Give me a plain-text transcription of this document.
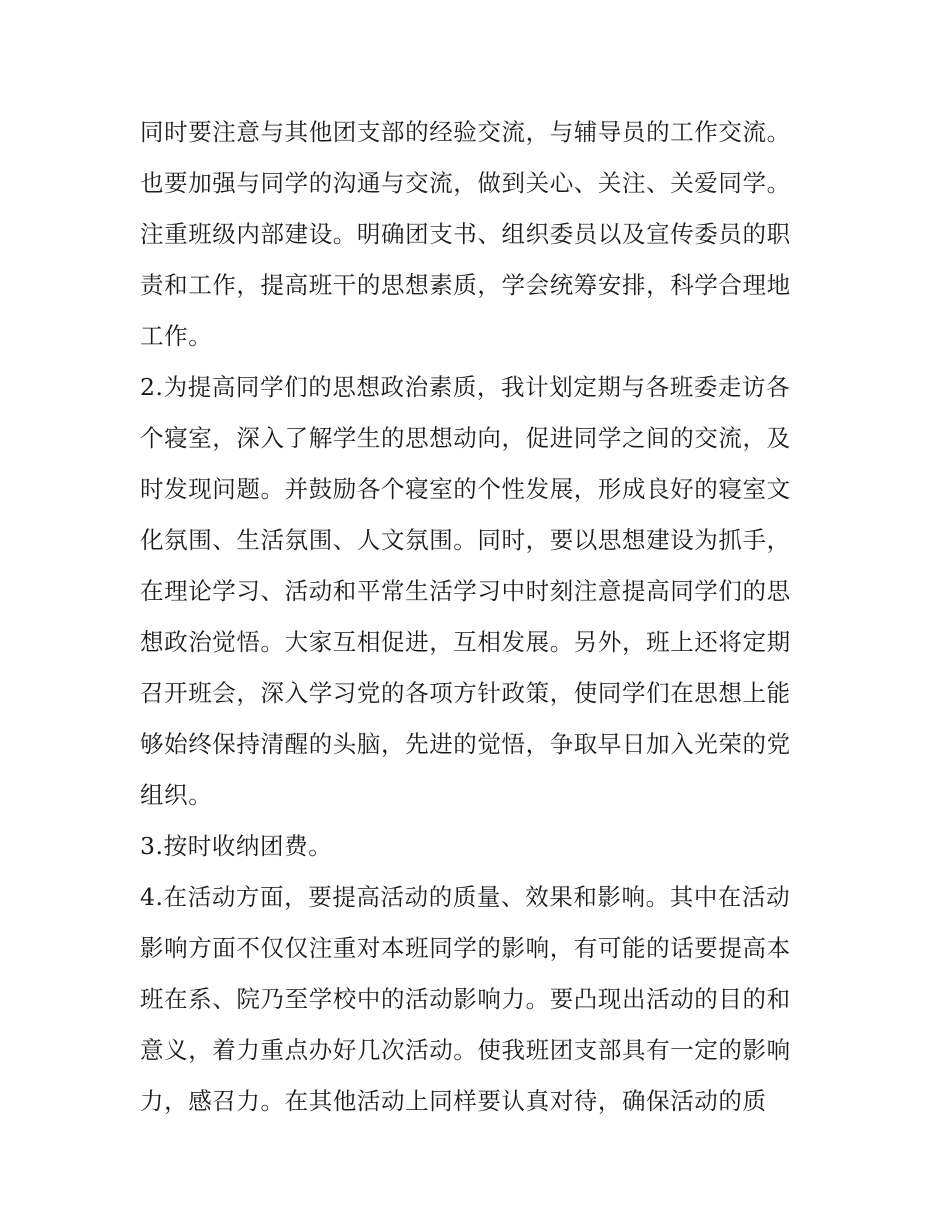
同时要注意与其他团支部的经验交流，与辅导员的工作交流。
也要加强与同学的沟通与交流，做到关心、关注、关爱同学。
注重班级内部建设。明确团支书、组织委员以及宣传委员的职
责和工作，提高班干的思想素质，学会统筹安排，科学合理地
工作。
2.为提高同学们的思想政治素质，我计划定期与各班委走访各
个寝室，深入了解学生的思想动向，促进同学之间的交流，及
时发现问题。并鼓励各个寝室的个性发展，形成良好的寝室文
化氛围、生活氛围、人文氛围。同时，要以思想建设为抓手，
在理论学习、活动和平常生活学习中时刻注意提高同学们的思
想政治觉悟。大家互相促进，互相发展。另外，班上还将定期
召开班会，深入学习党的各项方针政策，使同学们在思想上能
够始终保持清醒的头脑，先进的觉悟，争取早日加入光荣的党
组织。
3.按时收纳团费。
4.在活动方面，要提高活动的质量、效果和影响。其中在活动
影响方面不仅仅注重对本班同学的影响，有可能的话要提高本
班在系、院乃至学校中的活动影响力。要凸现出活动的目的和
意义，着力重点办好几次活动。使我班团支部具有一定的影响
力，感召力。在其他活动上同样要认真对待，确保活动的质
